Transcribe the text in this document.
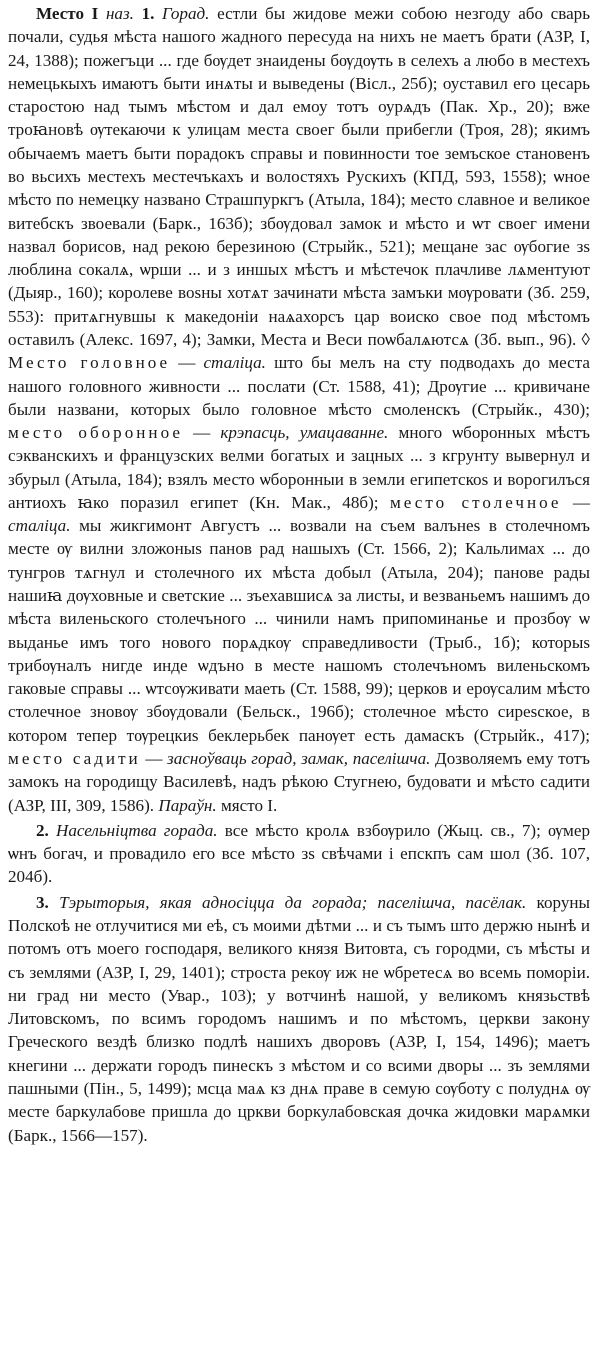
Место I наз. 1. Горад. естли бы жидове межи собою незгоду або сварь почали, судья мѣста нашого жадного пересуда на нихъ не маетъ брати (АЗР, I, 24, 1388); пожегъци ... где бѹдет знаидены бѹдѹть в селехъ а любо в местехъ немецькыхъ имаютъ быти инѧты и выведены (Вісл., 25б); оуставил его цесарь старостою над тымъ мѣстом и дал емоу тотъ оурѧдъ (Пак. Хр., 20); вже троꙗновѣ ѹтекаючи к улицам места своег были прибегли (Троя, 28); якимъ обычаемъ маетъ быти порадокъ справы и повинности тое земъское становенъ во вьсихъ местехъ местечъкахъ и волостяхъ Рускихъ (КПД, 593, 1558); ѡное мѣсто по немецку названо Страшпуркгъ (Атыла, 184); место славное и великое витебскъ звоевали (Барк., 163б); збѹдовал замок и мѣсто и ѡт своег имени назвал борисов, над рекою березиною (Стрыйк., 521); мещане зас ѹбогие зѕ люблина сокалѧ, ѡрши ... и з иншых мѣстъ и мѣстечок плачливе лѧментуют (Дыяр., 160); королеве воѕны хотѧт зачинати мѣста замъки мѹровати (Зб. 259, 553): притѧгнувшы к македоніи наѧахорсъ цар воиско свое под мѣстомъ оставилъ (Алекс. 1697, 4); Замки, Места и Веси поѡбалѧютсѧ (Зб. вып., 96). ◊ Место головное — сталіца. што бы мелъ на сту подводахъ до места нашого головного живности ... послати (Ст. 1588, 41); Дрѹгие ... кривичане были названи, которых было головное мѣсто смоленскъ (Стрыйк., 430); место оборонное — крэпасць, умацаванне. много ѡборонных мѣстъ сэкванскихъ и французских велми богатых и зацных ... з кгрунту вывернул и збурыл (Атыла, 184); взялъ место ѡборонныи в земли египетскоѕ и ворогилъся антиохъ ꙗко поразил египет (Кн. Мак., 48б); место столечное — сталіца. мы жикгимонт Августъ ... возвали на съем валънеѕ в столечномъ месте ѹ вилни зложоныѕ панов рад нашыхъ (Ст. 1566, 2); Кальлимах ... до тунгров тѧгнул и столечного их мѣста добыл (Атыла, 204); панове рады нашиꙗ дѹховные и светские ... зъехавшисѧ за листы, и везваньемъ нашимъ до мѣста виленьского столечъного ... чинили намъ припоминанье и прозбѹ ѡ выданье имъ того нового порѧдкѹ справедливости (Трыб., 1б); которыѕ трибѹналъ нигде инде ѡдъно в месте нашомъ столечъномъ виленьскомъ гаковые справы ... ѡтсѹживати маеть (Ст. 1588, 99); церков и ерѹсалим мѣсто столечное зновѹ збѹдовали (Бельск., 196б); столечное мѣсто сиреѕское, в котором тепер тѹрецкиѕ беклерьбек панѹет есть дамаскъ (Стрыйк., 417); место садити — засноўваць горад, замак, паселішча. Дозволяемъ ему тотъ замокъ на городищу Василевѣ, надъ рѣкою Стугнею, будовати и мѣсто садити (АЗР, III, 309, 1586). Параўн. място I.

2. Насельніцтва горада. все мѣсто кролѧ взбѹрило (Жыц. св., 7); ѹмер ѡнъ богач, и провадило его все мѣсто зѕ свѣчами і епскпъ сам шол (Зб. 107, 204б).

3. Тэрыторыя, якая адносіцца да горада; паселішча, пасёлак. коруны Полскоѣ не отлучитися ми еѣ, съ моими дѣтми ... и съ тымъ што держю нынѣ и потомъ отъ моего господаря, великого князя Витовта, съ городми, съ мѣсты и съ землями (АЗР, I, 29, 1401); строста рекѹ иж не ѡбретесѧ во всемь поморіи. ни град ни место (Увар., 103); у вотчинѣ нашой, у великомъ князьствѣ Литовскомъ, по всимъ городомъ нашимъ и по мѣстомъ, церкви закону Греческого вездѣ близко подлѣ нашихъ дворовъ (АЗР, I, 154, 1496); маетъ кнегини ... держати городъ пинескъ з мѣстом и со всими дворы ... зъ землями пашными (Пін., 5, 1499); мсца маѧ кз днѧ праве в семую сѹботу с полуднѧ ѹ месте баркулабове пришла до цркви боркулабовская дочка жидовки марѧмки (Барк., 1566—157).
